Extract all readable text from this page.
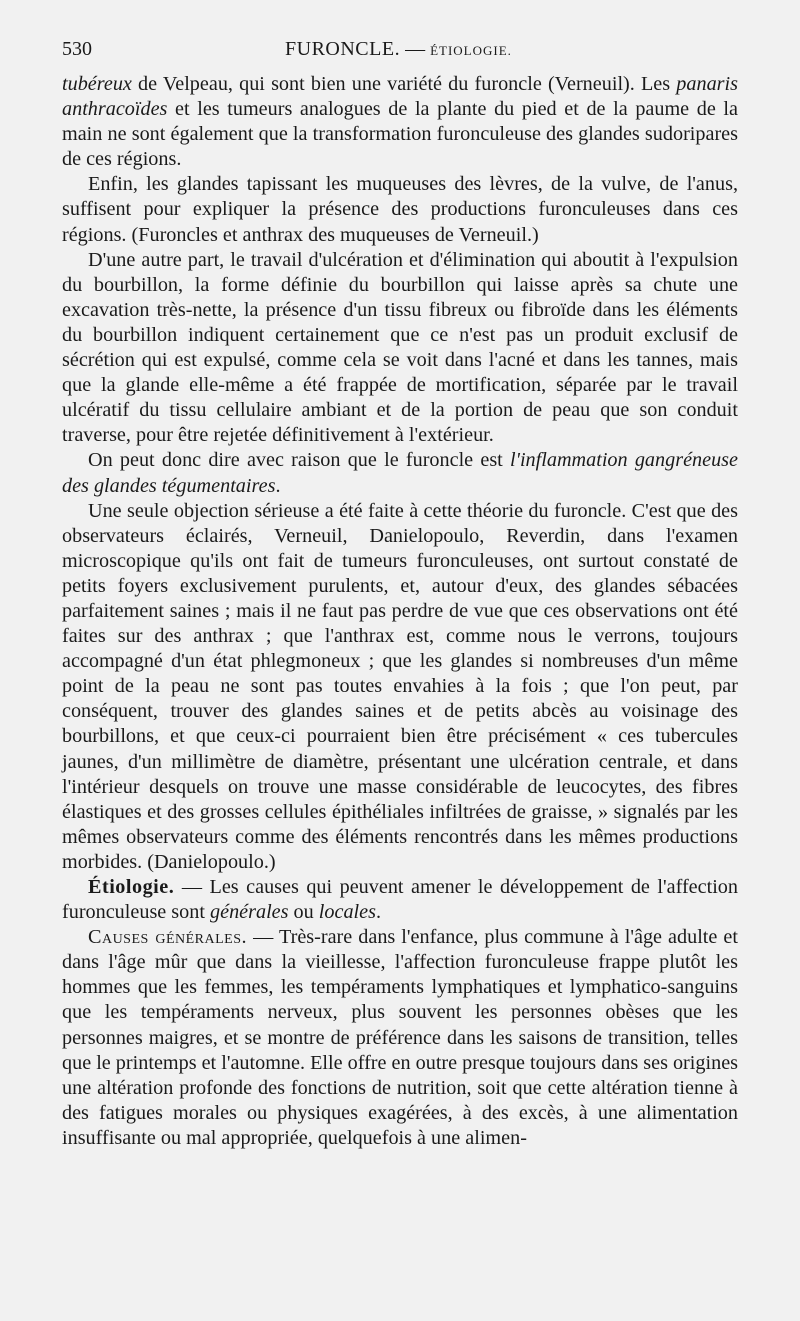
530	FURONCLE. — ÉTIOLOGIE.

tubéreux de Velpeau, qui sont bien une variété du furoncle (Verneuil). Les panaris anthracoïdes et les tumeurs analogues de la plante du pied et de la paume de la main ne sont également que la transformation furonculeuse des glandes sudoripares de ces régions.

Enfin, les glandes tapissant les muqueuses des lèvres, de la vulve, de l'anus, suffisent pour expliquer la présence des productions furonculeuses dans ces régions. (Furoncles et anthrax des muqueuses de Verneuil.)

D'une autre part, le travail d'ulcération et d'élimination qui aboutit à l'expulsion du bourbillon, la forme définie du bourbillon qui laisse après sa chute une excavation très-nette, la présence d'un tissu fibreux ou fibroïde dans les éléments du bourbillon indiquent certainement que ce n'est pas un produit exclusif de sécrétion qui est expulsé, comme cela se voit dans l'acné et dans les tannes, mais que la glande elle-même a été frappée de mortification, séparée par le travail ulcératif du tissu cellulaire ambiant et de la portion de peau que son conduit traverse, pour être rejetée définitivement à l'extérieur.

On peut donc dire avec raison que le furoncle est l'inflammation gangréneuse des glandes tégumentaires.

Une seule objection sérieuse a été faite à cette théorie du furoncle. C'est que des observateurs éclairés, Verneuil, Danielopoulo, Reverdin, dans l'examen microscopique qu'ils ont fait de tumeurs furonculeuses, ont surtout constaté de petits foyers exclusivement purulents, et, autour d'eux, des glandes sébacées parfaitement saines ; mais il ne faut pas perdre de vue que ces observations ont été faites sur des anthrax ; que l'anthrax est, comme nous le verrons, toujours accompagné d'un état phlegmoneux ; que les glandes si nombreuses d'un même point de la peau ne sont pas toutes envahies à la fois ; que l'on peut, par conséquent, trouver des glandes saines et de petits abcès au voisinage des bourbillons, et que ceux-ci pourraient bien être précisément « ces tubercules jaunes, d'un millimètre de diamètre, présentant une ulcération centrale, et dans l'intérieur desquels on trouve une masse considérable de leucocytes, des fibres élastiques et des grosses cellules épithéliales infiltrées de graisse, » signalés par les mêmes observateurs comme des éléments rencontrés dans les mêmes productions morbides. (Danielopoulo.)

Étiologie. — Les causes qui peuvent amener le développement de l'affection furonculeuse sont générales ou locales.

Causes générales. — Très-rare dans l'enfance, plus commune à l'âge adulte et dans l'âge mûr que dans la vieillesse, l'affection furonculeuse frappe plutôt les hommes que les femmes, les tempéraments lymphatiques et lymphatico-sanguins que les tempéraments nerveux, plus souvent les personnes obèses que les personnes maigres, et se montre de préférence dans les saisons de transition, telles que le printemps et l'automne. Elle offre en outre presque toujours dans ses origines une altération profonde des fonctions de nutrition, soit que cette altération tienne à des fatigues morales ou physiques exagérées, à des excès, à une alimentation insuffisante ou mal appropriée, quelquefois à une alimen-
